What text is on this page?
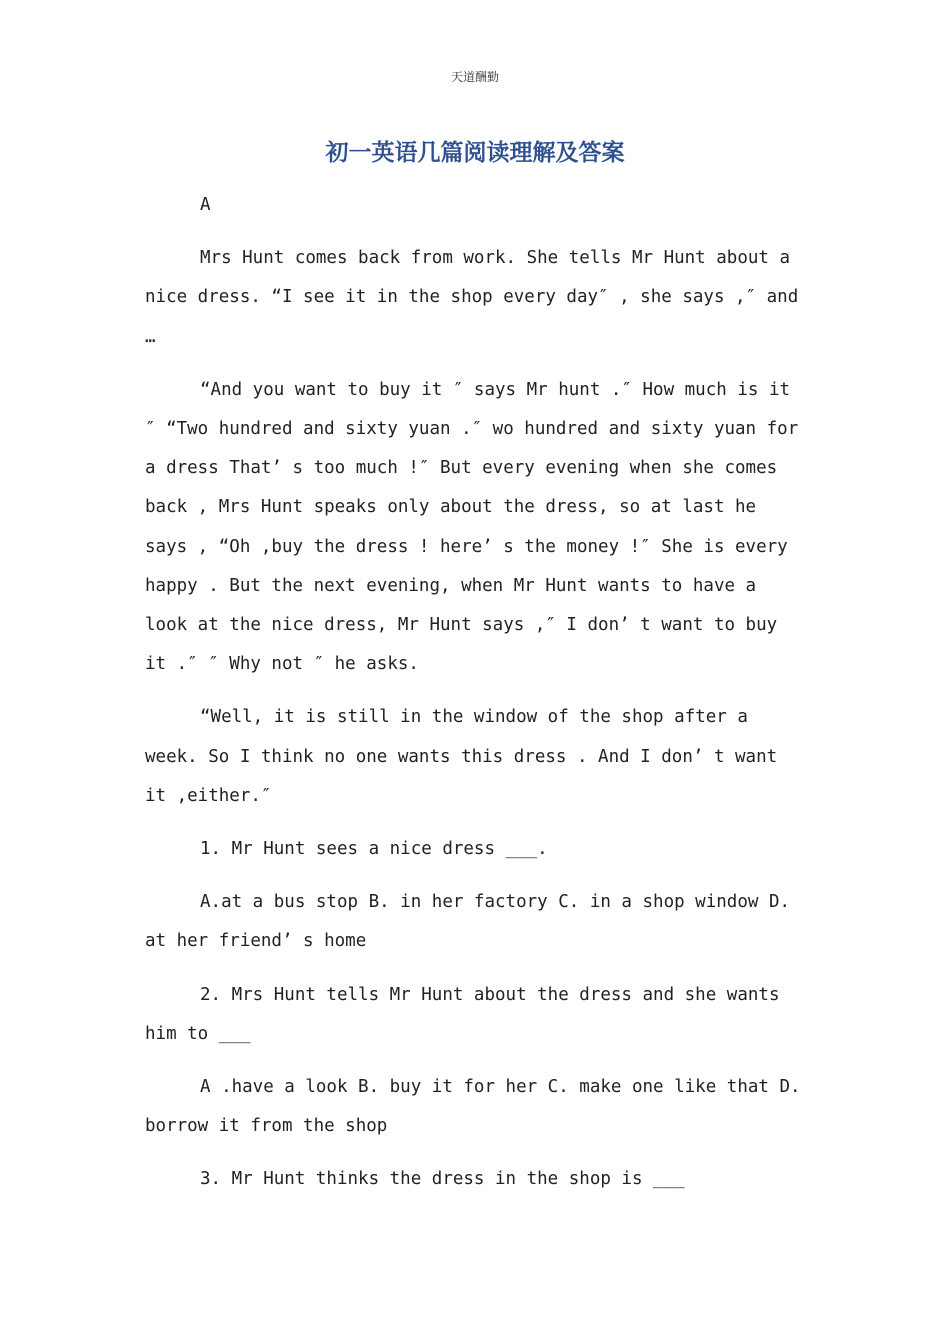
天道酬勤
初一英语几篇阅读理解及答案

A

Mrs Hunt comes back from work. She tells Mr Hunt about a nice dress. “I see it in the shop every day″ , she says ,″ and …

“And you want to buy it ″ says Mr hunt .″ How much is it ″ “Two hundred and sixty yuan .″ wo hundred and sixty yuan for a dress That’ s too much !″ But every evening when she comes back , Mrs Hunt speaks only about the dress, so at last he says , “Oh ,buy the dress ! here’ s the money !″ She is every happy . But the next evening, when Mr Hunt wants to have a look at the nice dress, Mr Hunt says ,″ I don’ t want to buy it .″ ″ Why not ″ he asks.

“Well, it is still in the window of the shop after a week. So I think no one wants this dress . And I don’ t want it ,either.″

1. Mr Hunt sees a nice dress ___.

A.at a bus stop B. in her factory C. in a shop window D. at her friend’ s home

2. Mrs Hunt tells Mr Hunt about the dress and she wants him to ___

A .have a look B. buy it for her C. make one like that D. borrow it from the shop

3. Mr Hunt thinks the dress in the shop is ___
